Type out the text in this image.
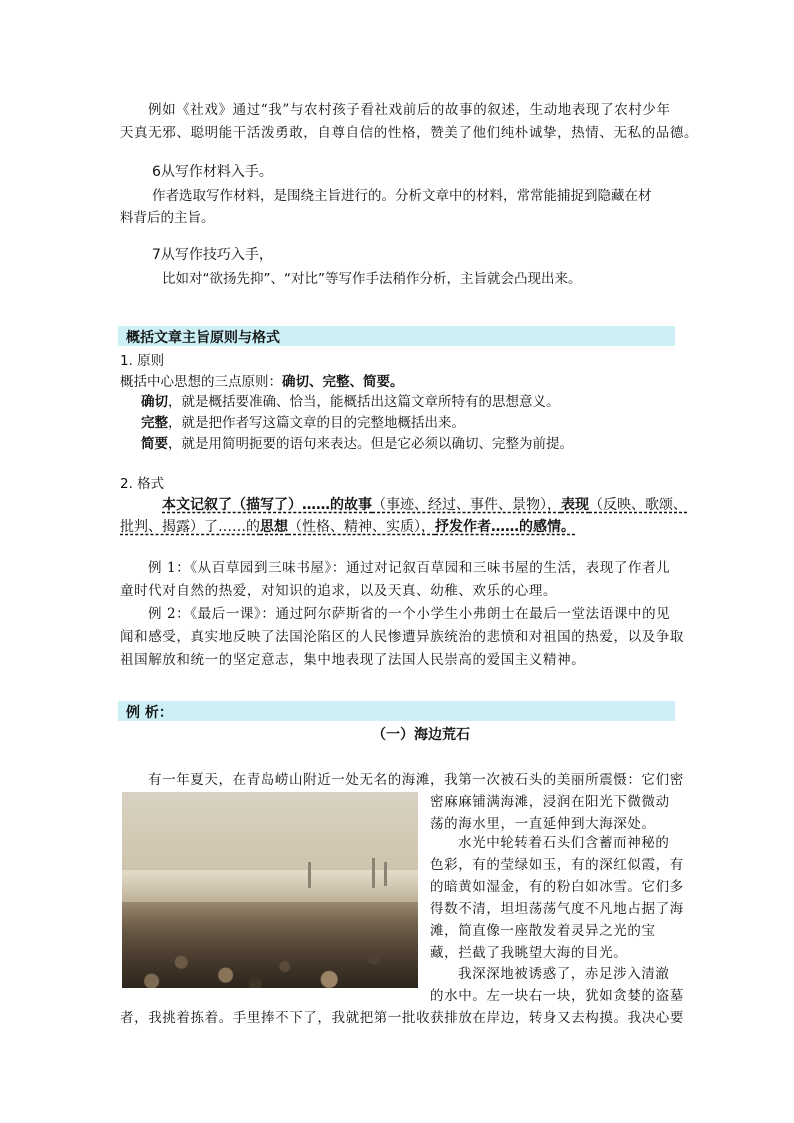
例如《社戏》通过“我”与农村孩子看社戏前后的故事的叙述，生动地表现了农村少年
天真无邪、聪明能干活泼勇敢，自尊自信的性格，赞美了他们纯朴诚挚，热情、无私的品德。
6从写作材料入手。
作者选取写作材料，是围绕主旨进行的。分析文章中的材料，常常能捕捉到隐藏在材
料背后的主旨。
7从写作技巧入手，
比如对“欲扬先抑”、“对比”等写作手法稍作分析，主旨就会凸现出来。
概括文章主旨原则与格式
1. 原则
概括中心思想的三点原则：确切、完整、简要。
确切，就是概括要准确、恰当，能概括出这篇文章所特有的思想意义。
完整，就是把作者写这篇文章的目的完整地概括出来。
简要，就是用简明扼要的语句来表达。但是它必须以确切、完整为前提。
2. 格式
本文记叙了（描写了）……的故事（事迹、经过、事件、景物），表现（反映、歌颂、
批判、揭露）了……的思想（性格、精神、实质），抒发作者……的感情。
例 1：《从百草园到三味书屋》：通过对记叙百草园和三味书屋的生活，表现了作者儿
童时代对自然的热爱，对知识的追求，以及天真、幼稚、欢乐的心理。
例 2：《最后一课》：通过阿尔萨斯省的一个小学生小弗朗士在最后一堂法语课中的见
闻和感受，真实地反映了法国沦陷区的人民惨遭异族统治的悲愤和对祖国的热爱，以及争取
祖国解放和统一的坚定意志，集中地表现了法国人民崇高的爱国主义精神。
例 析：
（一）海边荒石
有一年夏天，在青岛崂山附近一处无名的海滩，我第一次被石头的美丽所震慑：它们密
密麻麻铺满海滩，浸润在阳光下微微动
荡的海水里，一直延伸到大海深处。
水光中轮转着石头们含蓄而神秘的
色彩，有的莹绿如玉，有的深红似霞，有
的暗黄如湿金，有的粉白如冰雪。它们多
得数不清，坦坦荡荡气度不凡地占据了海
滩，简直像一座散发着灵异之光的宝
藏，拦截了我眺望大海的目光。
我深深地被诱惑了，赤足涉入清澈
的水中。左一块右一块，犹如贪婪的盗墓
者，我挑着拣着。手里捧不下了，我就把第一批收获排放在岸边，转身又去构摸。我决心要
